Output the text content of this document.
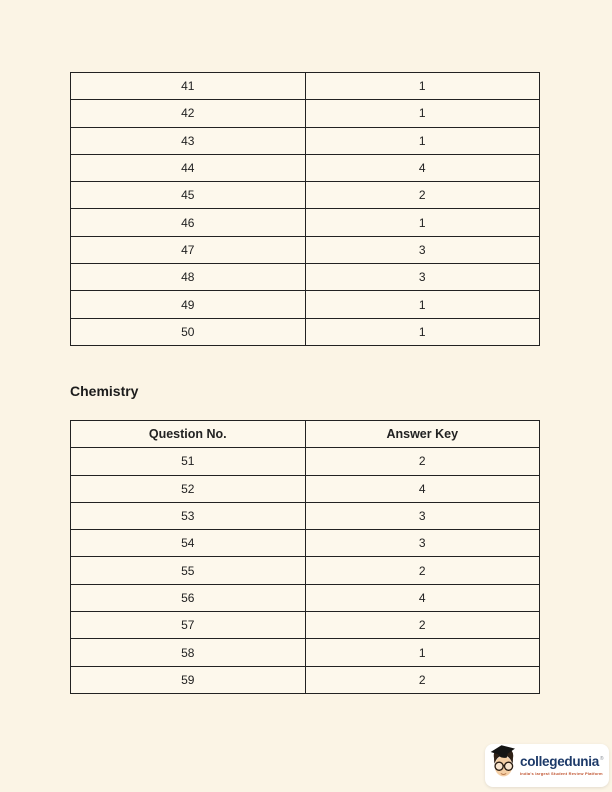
41	1
42	1
43	1
44	4
45	2
46	1
47	3
48	3
49	1
50	1
Chemistry
Question No.	Answer Key
51	2
52	4
53	3
54	3
55	2
56	4
57	2
58	1
59	2
collegedunia ®
India's largest Student Review Platform
